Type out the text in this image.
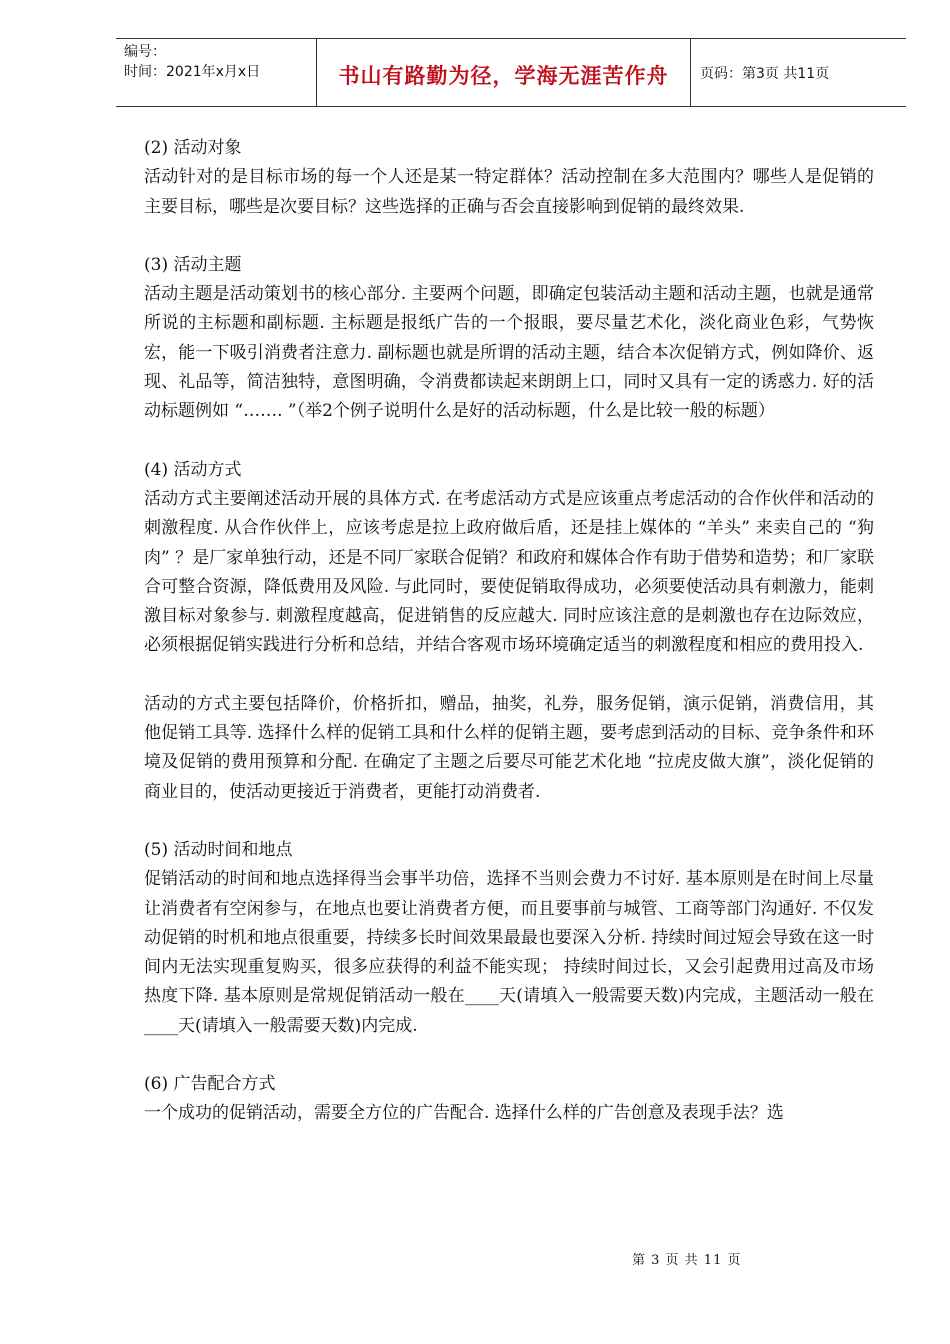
编号：
时间：2021年x月x日	书山有路勤为径，学海无涯苦作舟	页码：第3页 共11页

(2) 活动对象

活动针对的是目标市场的每一个人还是某一特定群体？活动控制在多大范围内？哪些人是促销的主要目标，哪些是次要目标？这些选择的正确与否会直接影响到促销的最终效果.

(3) 活动主题

活动主题是活动策划书的核心部分. 主要两个问题，即确定包装活动主题和活动主题，也就是通常所说的主标题和副标题. 主标题是报纸广告的一个报眼，要尽量艺术化，淡化商业色彩，气势恢宏，能一下吸引消费者注意力. 副标题也就是所谓的活动主题，结合本次促销方式，例如降价、返现、礼品等，简洁独特，意图明确，令消费都读起来朗朗上口，同时又具有一定的诱惑力. 好的活动标题例如 “……. ”（举2个例子说明什么是好的活动标题，什么是比较一般的标题）

(4) 活动方式

活动方式主要阐述活动开展的具体方式. 在考虑活动方式是应该重点考虑活动的合作伙伴和活动的刺激程度. 从合作伙伴上，应该考虑是拉上政府做后盾，还是挂上媒体的 “羊头” 来卖自己的 “狗肉” ？是厂家单独行动，还是不同厂家联合促销？和政府和媒体合作有助于借势和造势；和厂家联合可整合资源，降低费用及风险. 与此同时，要使促销取得成功，必须要使活动具有刺激力，能刺激目标对象参与. 刺激程度越高，促进销售的反应越大. 同时应该注意的是刺激也存在边际效应，必须根据促销实践进行分析和总结，并结合客观市场环境确定适当的刺激程度和相应的费用投入.

活动的方式主要包括降价，价格折扣，赠品，抽奖，礼券，服务促销，演示促销，消费信用，其他促销工具等. 选择什么样的促销工具和什么样的促销主题，要考虑到活动的目标、竞争条件和环境及促销的费用预算和分配. 在确定了主题之后要尽可能艺术化地 “拉虎皮做大旗”，淡化促销的商业目的，使活动更接近于消费者，更能打动消费者.

(5) 活动时间和地点

促销活动的时间和地点选择得当会事半功倍，选择不当则会费力不讨好. 基本原则是在时间上尽量让消费者有空闲参与，在地点也要让消费者方便，而且要事前与城管、工商等部门沟通好. 不仅发动促销的时机和地点很重要，持续多长时间效果最最也要深入分析. 持续时间过短会导致在这一时间内无法实现重复购买，很多应获得的利益不能实现； 持续时间过长，又会引起费用过高及市场热度下降. 基本原则是常规促销活动一般在____天(请填入一般需要天数)内完成，主题活动一般在____天(请填入一般需要天数)内完成.

(6) 广告配合方式

一个成功的促销活动，需要全方位的广告配合. 选择什么样的广告创意及表现手法？选

第 3 页 共 11 页
